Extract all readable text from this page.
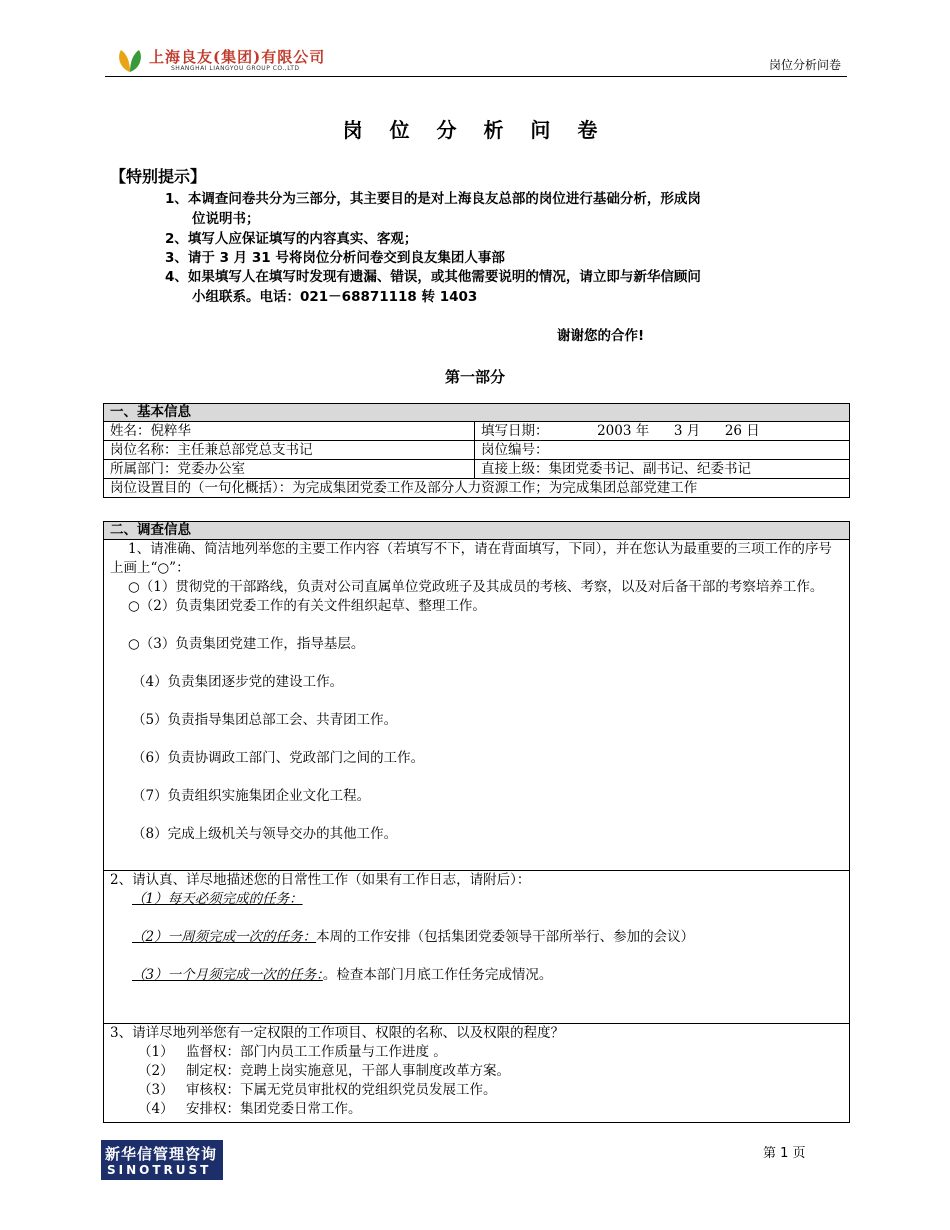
上海良友(集团)有限公司
SHANGHAI LIANGYOU GROUP CO.,LTD	岗位分析问卷
岗 位 分 析 问 卷
【特别提示】
1、本调查问卷共分为三部分，其主要目的是对上海良友总部的岗位进行基础分析，形成岗
位说明书；
2、填写人应保证填写的内容真实、客观；
3、请于 3 月 31 号将岗位分析问卷交到良友集团人事部
4、如果填写人在填写时发现有遗漏、错误，或其他需要说明的情况，请立即与新华信顾问
小组联系。电话：021－68871118 转 1403
谢谢您的合作!
第一部分
一、基本信息	
姓名：倪粹华	填写日期： 2003 年 3 月 26 日
岗位名称：主任兼总部党总支书记	岗位编号：
所属部门：党委办公室	直接上级：集团党委书记、副书记、纪委书记
岗位设置目的（一句化概括）：为完成集团党委工作及部分人力资源工作；为完成集团总部党建工作	
二、调查信息

1、请准确、简洁地列举您的主要工作内容（若填写不下，请在背面填写，下同），并在您认为最重要的三项工作的序号上画上“○”：

○（1）贯彻党的干部路线，负责对公司直属单位党政班子及其成员的考核、考察，以及对后备干部的考察培养工作。

○（2）负责集团党委工作的有关文件组织起草、整理工作。

○（3）负责集团党建工作，指导基层。

（4）负责集团逐步党的建设工作。

（5）负责指导集团总部工会、共青团工作。

（6）负责协调政工部门、党政部门之间的工作。

（7）负责组织实施集团企业文化工程。

（8）完成上级机关与领导交办的其他工作。

2、请认真、详尽地描述您的日常性工作（如果有工作日志，请附后）：

（1）每天必须完成的任务：

（2）一周须完成一次的任务：本周的工作安排（包括集团党委领导干部所举行、参加的会议）

（3）一个月须完成一次的任务：。检查本部门月底工作任务完成情况。

3、请详尽地列举您有一定权限的工作项目、权限的名称、以及权限的程度？

（1） 监督权：部门内员工工作质量与工作进度 。

（2） 制定权：竞聘上岗实施意见，干部人事制度改革方案。

（3） 审核权：下属无党员审批权的党组织党员发展工作。

（4） 安排权：集团党委日常工作。

新华信管理咨询
SINOTRUST
第 1 页
